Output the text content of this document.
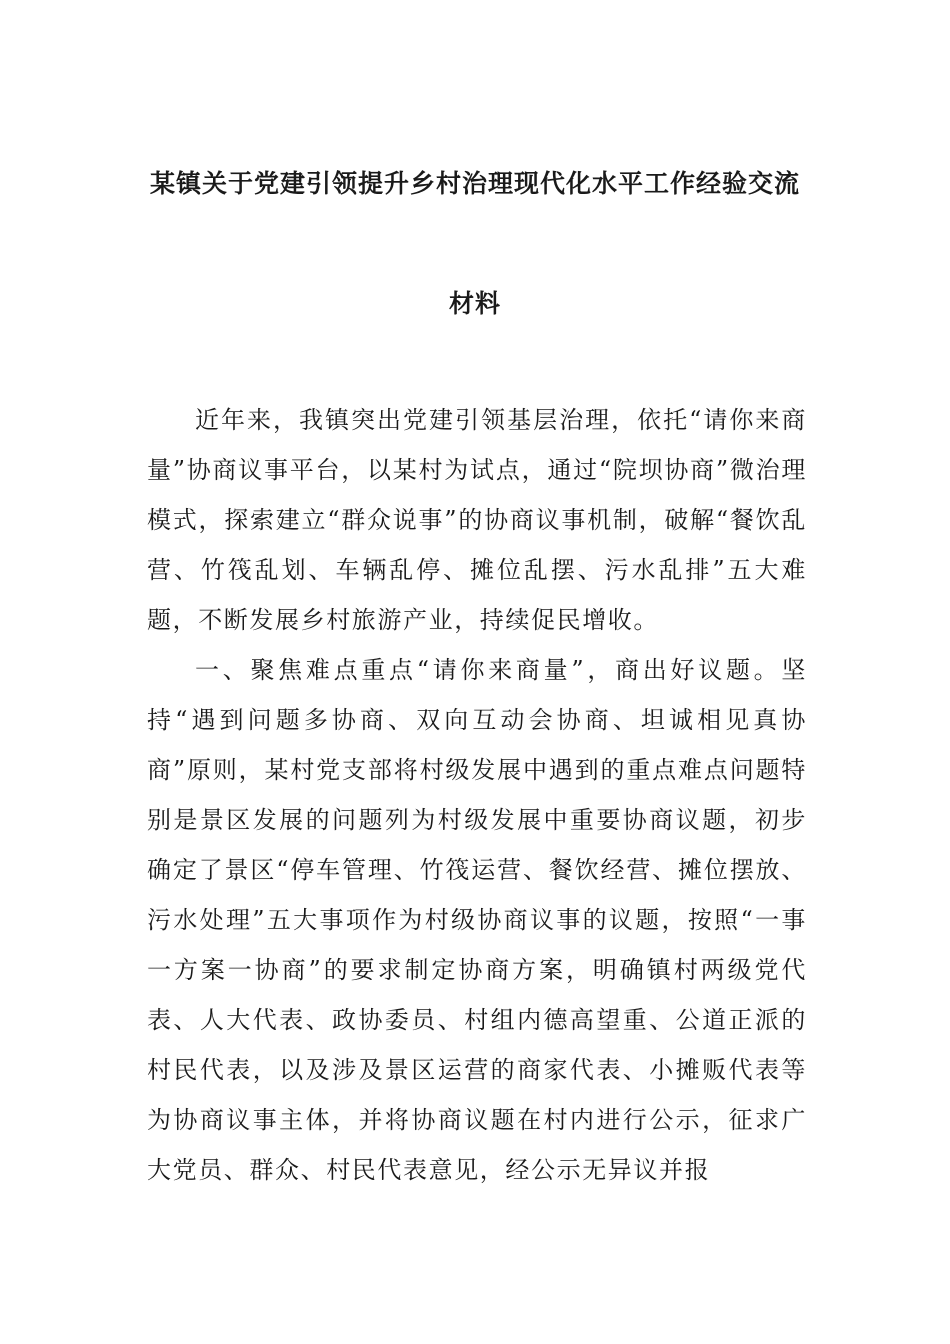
某镇关于党建引领提升乡村治理现代化水平工作经验交流
材料

近年来，我镇突出党建引领基层治理，依托“请你来商量”协商议事平台，以某村为试点，通过“院坝协商”微治理模式，探索建立“群众说事”的协商议事机制，破解“餐饮乱营、竹筏乱划、车辆乱停、摊位乱摆、污水乱排”五大难题，不断发展乡村旅游产业，持续促民增收。

一、聚焦难点重点“请你来商量”，商出好议题。坚持“遇到问题多协商、双向互动会协商、坦诚相见真协商”原则，某村党支部将村级发展中遇到的重点难点问题特别是景区发展的问题列为村级发展中重要协商议题，初步确定了景区“停车管理、竹筏运营、餐饮经营、摊位摆放、污水处理”五大事项作为村级协商议事的议题，按照“一事一方案一协商”的要求制定协商方案，明确镇村两级党代表、人大代表、政协委员、村组内德高望重、公道正派的村民代表，以及涉及景区运营的商家代表、小摊贩代表等为协商议事主体，并将协商议题在村内进行公示，征求广大党员、群众、村民代表意见，经公示无异议并报
